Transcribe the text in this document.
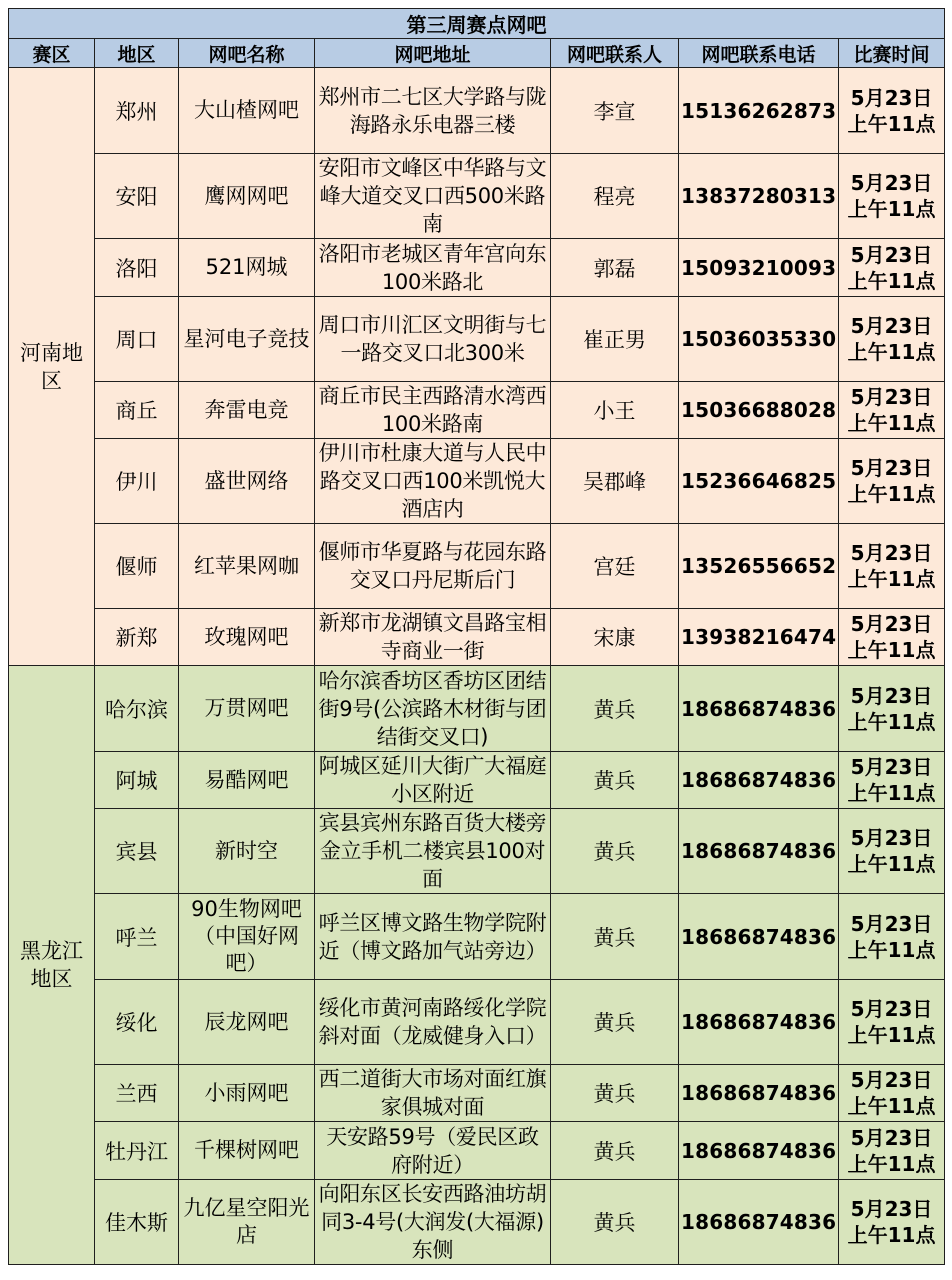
第三周赛点网吧						
赛区	地区	网吧名称	网吧地址	网吧联系人	网吧联系电话	比赛时间
河南地区	郑州	大山楂网吧	郑州市二七区大学路与陇海路永乐电器三楼	李宣	15136262873	5月23日
上午11点

	安阳	鹰网网吧	安阳市文峰区中华路与文峰大道交叉口西500米路南	程亮	13837280313	5月23日
上午11点

	洛阳	521网城	洛阳市老城区青年宫向东100米路北	郭磊	15093210093	5月23日
上午11点

	周口	星河电子竞技	周口市川汇区文明街与七一路交叉口北300米	崔正男	15036035330	5月23日
上午11点

	商丘	奔雷电竞	商丘市民主西路清水湾西100米路南	小王	15036688028	5月23日
上午11点

	伊川	盛世网络	伊川市杜康大道与人民中路交叉口西100米凯悦大酒店内	吴郡峰	15236646825	5月23日
上午11点

	偃师	红苹果网咖	偃师市华夏路与花园东路交叉口丹尼斯后门	宫廷	13526556652	5月23日
上午11点

	新郑	玫瑰网吧	新郑市龙湖镇文昌路宝相寺商业一街	宋康	13938216474	5月23日
上午11点

黑龙江地区	哈尔滨	万贯网吧	哈尔滨香坊区香坊区团结街9号(公滨路木材街与团结街交叉口)	黄兵	18686874836	5月23日
上午11点

	阿城	易酷网吧	阿城区延川大街广大福庭小区附近	黄兵	18686874836	5月23日
上午11点

	宾县	新时空	宾县宾州东路百货大楼旁金立手机二楼宾县100对面	黄兵	18686874836	5月23日
上午11点

	呼兰	90生物网吧（中国好网吧）	呼兰区博文路生物学院附近（博文路加气站旁边）	黄兵	18686874836	5月23日
上午11点

	绥化	辰龙网吧	绥化市黄河南路绥化学院斜对面（龙威健身入口）	黄兵	18686874836	5月23日
上午11点

	兰西	小雨网吧	西二道街大市场对面红旗家俱城对面	黄兵	18686874836	5月23日
上午11点

	牡丹江	千棵树网吧	天安路59号（爱民区政府附近）	黄兵	18686874836	5月23日
上午11点

	佳木斯	九亿星空阳光店	向阳东区长安西路油坊胡同3-4号(大润发(大福源)东侧	黄兵	18686874836	5月23日
上午11点
